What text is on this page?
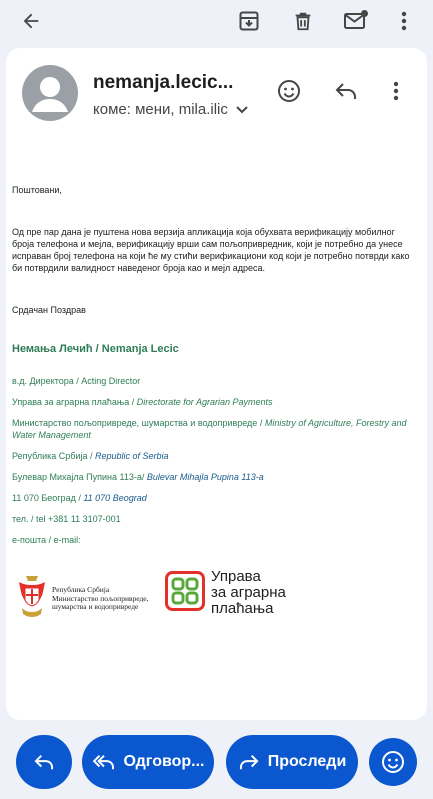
nemanja.lecic...
коме: мени, mila.ilic

Поштовани,

Од пре пар дана је пуштена нова верзија апликација која обухвата верификацију мобилног броја телефона и мејла, верификацију врши сам пољопривредник, који је потребно да унесе исправан број телефона на који ће му стићи верификациони код који је потребно потврди како би потврдили валидност наведеног броја као и мејл адреса.

Срдачан Поздрав

Немања Лечић / Nemanja Lecic

в.д. Директора / Acting Director

Управа за аграрна плаћања / Directorate for Agrarian Payments

Министарство пољопривреде, шумарства и водопривреде / Ministry of Agriculture, Forestry and Water Management

Република Србија / Republic of Serbia

Булевар Михајла Пупина 113-а/ Bulevar Mihajla Pupina 113-a

11 070 Београд / 11 070 Beograd

тел. / tel +381 11 3107-001

е-пошта / e-mail:

Република Србија
Министарство пољопривреде,
шумарства и водопривреде
Управа
за аграрна
плаћања
Одговор...	Проследи
